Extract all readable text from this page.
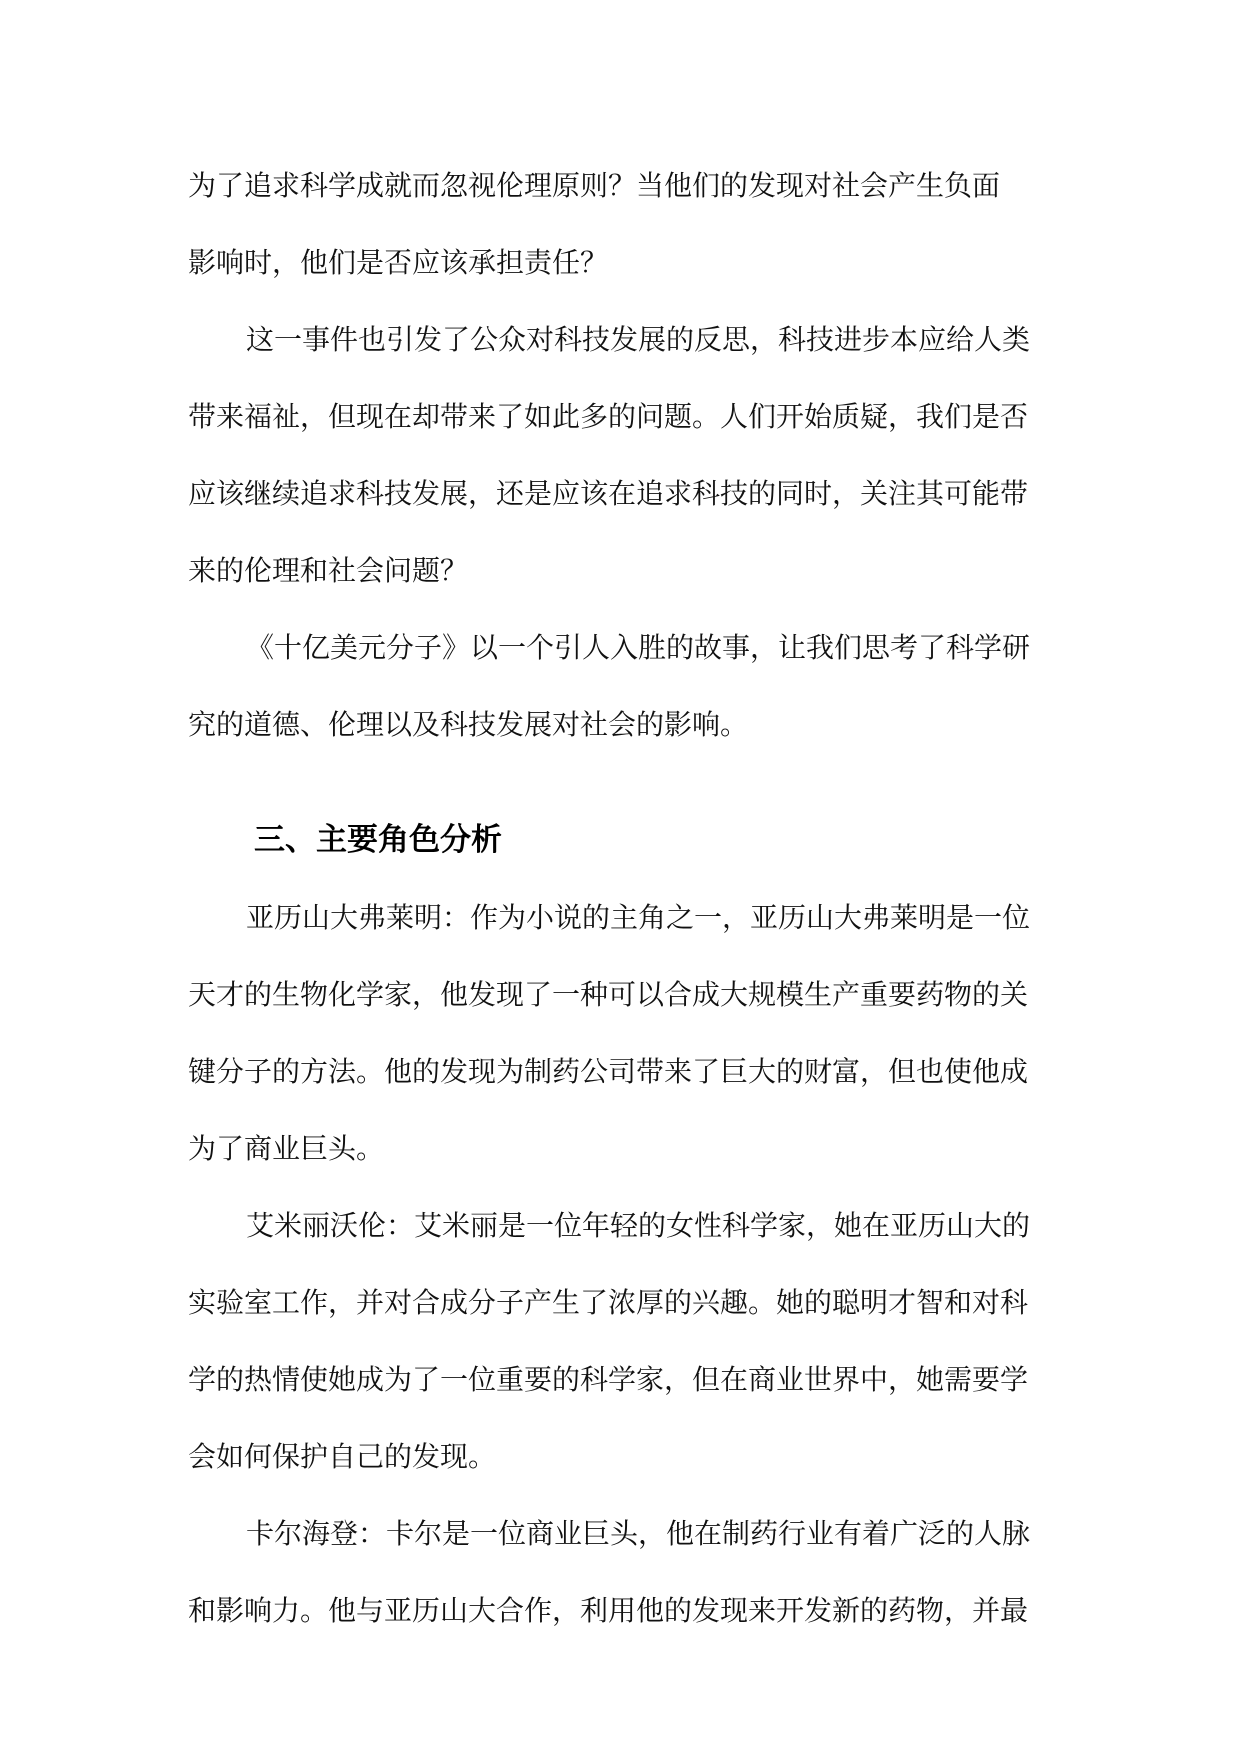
为了追求科学成就而忽视伦理原则？当他们的发现对社会产生负面

影响时，他们是否应该承担责任？

这一事件也引发了公众对科技发展的反思，科技进步本应给人类

带来福祉，但现在却带来了如此多的问题。人们开始质疑，我们是否

应该继续追求科技发展，还是应该在追求科技的同时，关注其可能带

来的伦理和社会问题？

《十亿美元分子》以一个引人入胜的故事，让我们思考了科学研

究的道德、伦理以及科技发展对社会的影响。

三、主要角色分析

亚历山大弗莱明：作为小说的主角之一，亚历山大弗莱明是一位

天才的生物化学家，他发现了一种可以合成大规模生产重要药物的关

键分子的方法。他的发现为制药公司带来了巨大的财富，但也使他成

为了商业巨头。

艾米丽沃伦：艾米丽是一位年轻的女性科学家，她在亚历山大的

实验室工作，并对合成分子产生了浓厚的兴趣。她的聪明才智和对科

学的热情使她成为了一位重要的科学家，但在商业世界中，她需要学

会如何保护自己的发现。

卡尔海登：卡尔是一位商业巨头，他在制药行业有着广泛的人脉

和影响力。他与亚历山大合作，利用他的发现来开发新的药物，并最
